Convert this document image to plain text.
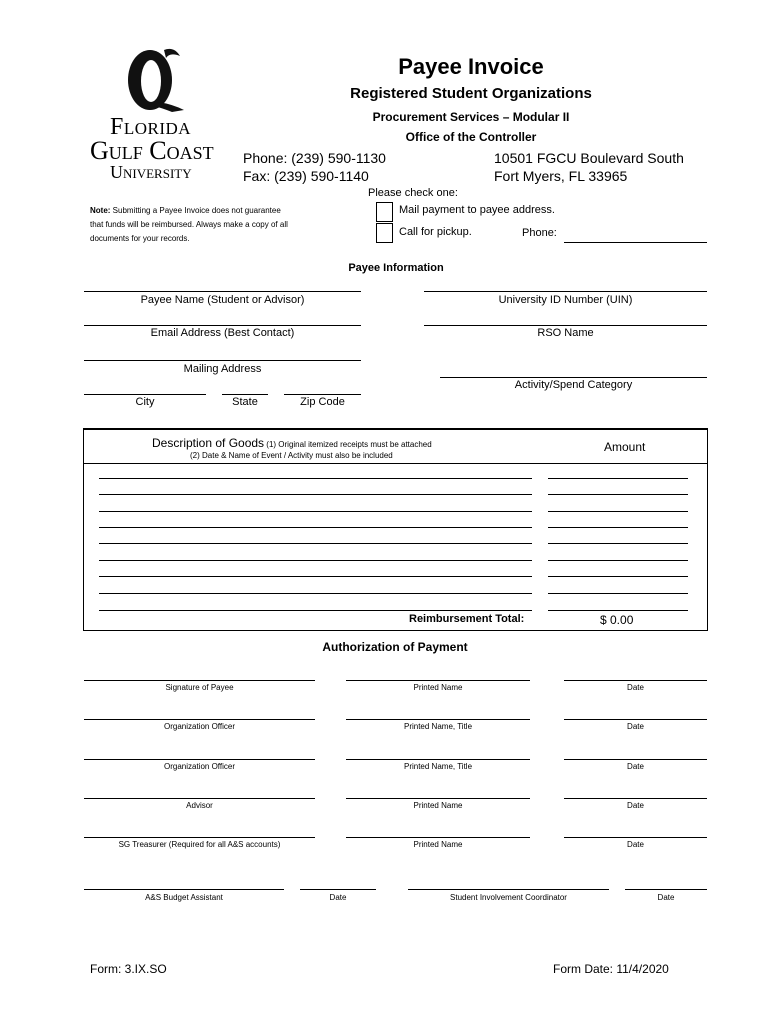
Florida
Gulf Coast
University
Payee Invoice
Registered Student Organizations
Procurement Services – Modular II
Office of the Controller
Phone: (239) 590-1130
Fax: (239) 590-1140
10501 FGCU Boulevard South
Fort Myers, FL 33965
Note: Submitting a Payee Invoice does not guarantee
that funds will be reimbursed. Always make a copy of all
documents for your records.
Please check one:
Mail payment to payee address.
Call for pickup.	Phone:
Payee Information
Payee Name (Student or Advisor)	University ID Number (UIN)
Email Address (Best Contact)	RSO Name
Mailing Address
Activity/Spend Category
City	State	Zip Code
Description of Goods (1) Original itemized receipts must be attached
(2) Date & Name of Event / Activity must also be included
Amount
Reimbursement Total:	$ 0.00
Authorization of Payment
Signature of Payee	Printed Name	Date
Organization Officer	Printed Name, Title	Date
Organization Officer	Printed Name, Title	Date
Advisor	Printed Name	Date
SG Treasurer (Required for all A&S accounts)	Printed Name	Date
A&S Budget Assistant	Date	Student Involvement Coordinator	Date
Form: 3.IX.SO	Form Date: 11/4/2020
